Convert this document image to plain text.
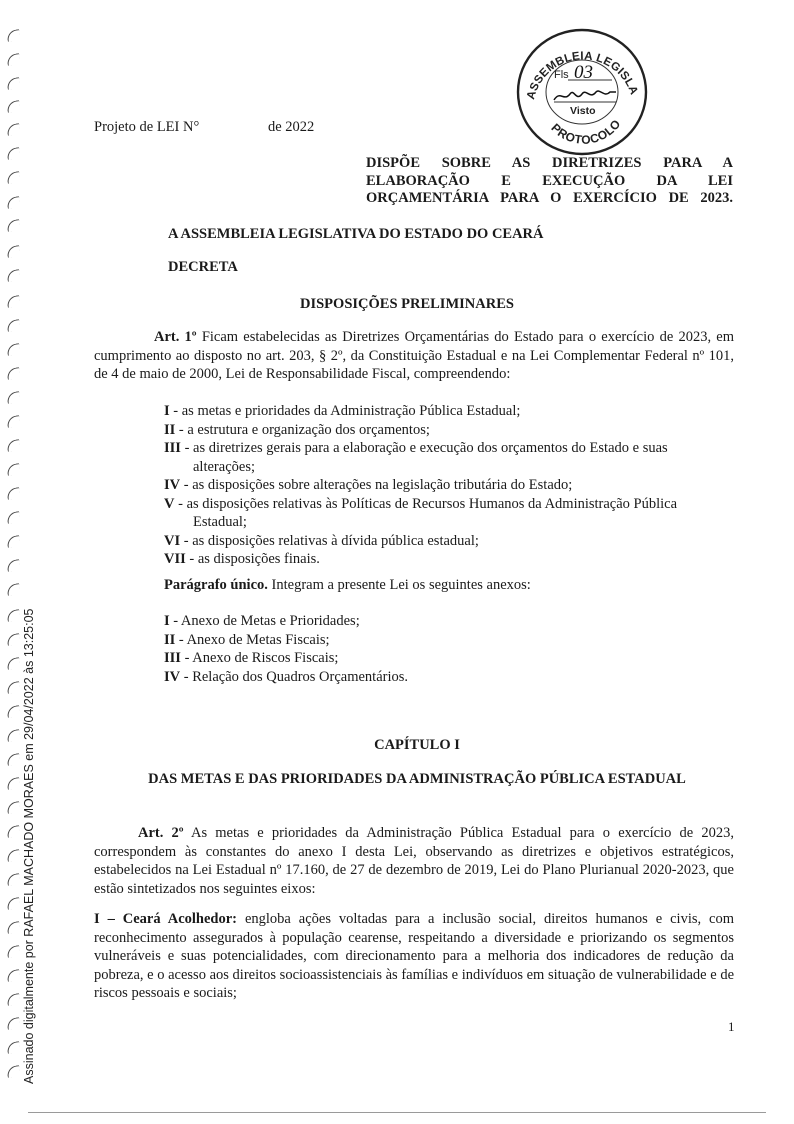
ASSEMBLEIA LEGISLA
PROTOCOLO
Fls 03
Visto
Projeto de LEI N°	de 2022
DISPÕE SOBRE AS DIRETRIZES PARA A
ELABORAÇÃO E EXECUÇÃO DA LEI
ORÇAMENTÁRIA PARA O EXERCÍCIO DE 2023.
A ASSEMBLEIA LEGISLATIVA DO ESTADO DO CEARÁ
DECRETA
DISPOSIÇÕES PRELIMINARES
Art. 1º Ficam estabelecidas as Diretrizes Orçamentárias do Estado para o exercício de 2023, em cumprimento ao disposto no art. 203, § 2º, da Constituição Estadual e na Lei Complementar Federal nº 101, de 4 de maio de 2000, Lei de Responsabilidade Fiscal, compreendendo:

I - as metas e prioridades da Administração Pública Estadual;

II - a estrutura e organização dos orçamentos;

III - as diretrizes gerais para a elaboração e execução dos orçamentos do Estado e suas alterações;

IV - as disposições sobre alterações na legislação tributária do Estado;

V - as disposições relativas às Políticas de Recursos Humanos da Administração Pública Estadual;

VI - as disposições relativas à dívida pública estadual;

VII - as disposições finais.

Parágrafo único. Integram a presente Lei os seguintes anexos:

I - Anexo de Metas e Prioridades;

II - Anexo de Metas Fiscais;

III - Anexo de Riscos Fiscais;

IV - Relação dos Quadros Orçamentários.

CAPÍTULO I
DAS METAS E DAS PRIORIDADES DA ADMINISTRAÇÃO PÚBLICA ESTADUAL
Art. 2º As metas e prioridades da Administração Pública Estadual para o exercício de 2023, correspondem às constantes do anexo I desta Lei, observando as diretrizes e objetivos estratégicos, estabelecidos na Lei Estadual nº 17.160, de 27 de dezembro de 2019, Lei do Plano Plurianual 2020-2023, que estão sintetizados nos seguintes eixos:
I – Ceará Acolhedor: engloba ações voltadas para a inclusão social, direitos humanos e civis, com reconhecimento assegurados à população cearense, respeitando a diversidade e priorizando os segmentos vulneráveis e suas potencialidades, com direcionamento para a melhoria dos indicadores de redução da pobreza, e o acesso aos direitos socioassistenciais às famílias e indivíduos em situação de vulnerabilidade e de riscos pessoais e sociais;
1
Assinado digitalmente por RAFAEL MACHADO MORAES em 29/04/2022 às 13:25:05
